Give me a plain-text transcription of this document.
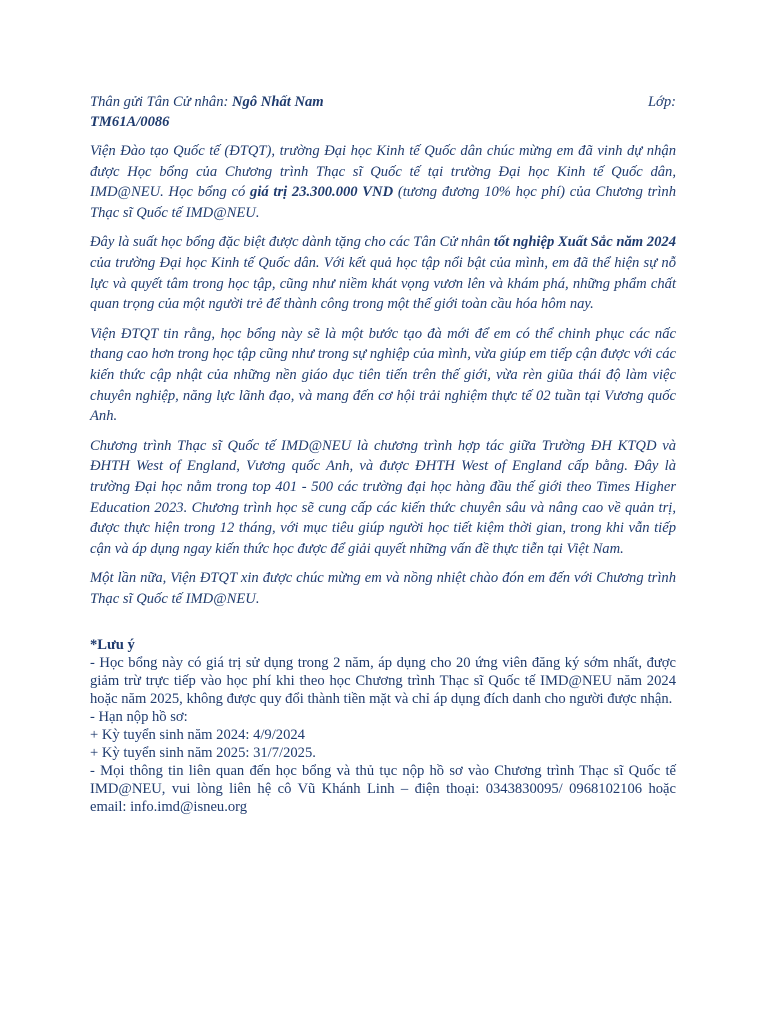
Thân gửi Tân Cử nhân: Ngô Nhất Nam	Lớp:
TM61A/0086

Viện Đào tạo Quốc tế (ĐTQT), trường Đại học Kinh tế Quốc dân chúc mừng em đã vinh dự nhận được Học bổng của Chương trình Thạc sĩ Quốc tế tại trường Đại học Kinh tế Quốc dân, IMD@NEU. Học bổng có giá trị 23.300.000 VND (tương đương 10% học phí) của Chương trình Thạc sĩ Quốc tế IMD@NEU.

Đây là suất học bổng đặc biệt được dành tặng cho các Tân Cử nhân tốt nghiệp Xuất Sắc năm 2024 của trường Đại học Kinh tế Quốc dân. Với kết quả học tập nổi bật của mình, em đã thể hiện sự nỗ lực và quyết tâm trong học tập, cũng như niềm khát vọng vươn lên và khám phá, những phẩm chất quan trọng của một người trẻ để thành công trong một thế giới toàn cầu hóa hôm nay.

Viện ĐTQT tin rằng, học bổng này sẽ là một bước tạo đà mới để em có thể chinh phục các nấc thang cao hơn trong học tập cũng như trong sự nghiệp của mình, vừa giúp em tiếp cận được với các kiến thức cập nhật của những nền giáo dục tiên tiến trên thế giới, vừa rèn giũa thái độ làm việc chuyên nghiệp, năng lực lãnh đạo, và mang đến cơ hội trải nghiệm thực tế 02 tuần tại Vương quốc Anh.

Chương trình Thạc sĩ Quốc tế IMD@NEU là chương trình hợp tác giữa Trường ĐH KTQD và ĐHTH West of England, Vương quốc Anh, và được ĐHTH West of England cấp bằng. Đây là trường Đại học nằm trong top 401 - 500 các trường đại học hàng đầu thế giới theo Times Higher Education 2023. Chương trình học sẽ cung cấp các kiến thức chuyên sâu và nâng cao về quản trị, được thực hiện trong 12 tháng, với mục tiêu giúp người học tiết kiệm thời gian, trong khi vẫn tiếp cận và áp dụng ngay kiến thức học được để giải quyết những vấn đề thực tiễn tại Việt Nam.

Một lần nữa, Viện ĐTQT xin được chúc mừng em và nồng nhiệt chào đón em đến với Chương trình Thạc sĩ Quốc tế IMD@NEU.

*Lưu ý

- Học bổng này có giá trị sử dụng trong 2 năm, áp dụng cho 20 ứng viên đăng ký sớm nhất, được giảm trừ trực tiếp vào học phí khi theo học Chương trình Thạc sĩ Quốc tế IMD@NEU năm 2024 hoặc năm 2025, không được quy đổi thành tiền mặt và chỉ áp dụng đích danh cho người được nhận.

- Hạn nộp hồ sơ:

+ Kỳ tuyển sinh năm 2024: 4/9/2024

+ Kỳ tuyển sinh năm 2025: 31/7/2025.

- Mọi thông tin liên quan đến học bổng và thủ tục nộp hồ sơ vào Chương trình Thạc sĩ Quốc tế IMD@NEU, vui lòng liên hệ cô Vũ Khánh Linh – điện thoại: 0343830095/ 0968102106 hoặc email: info.imd@isneu.org
